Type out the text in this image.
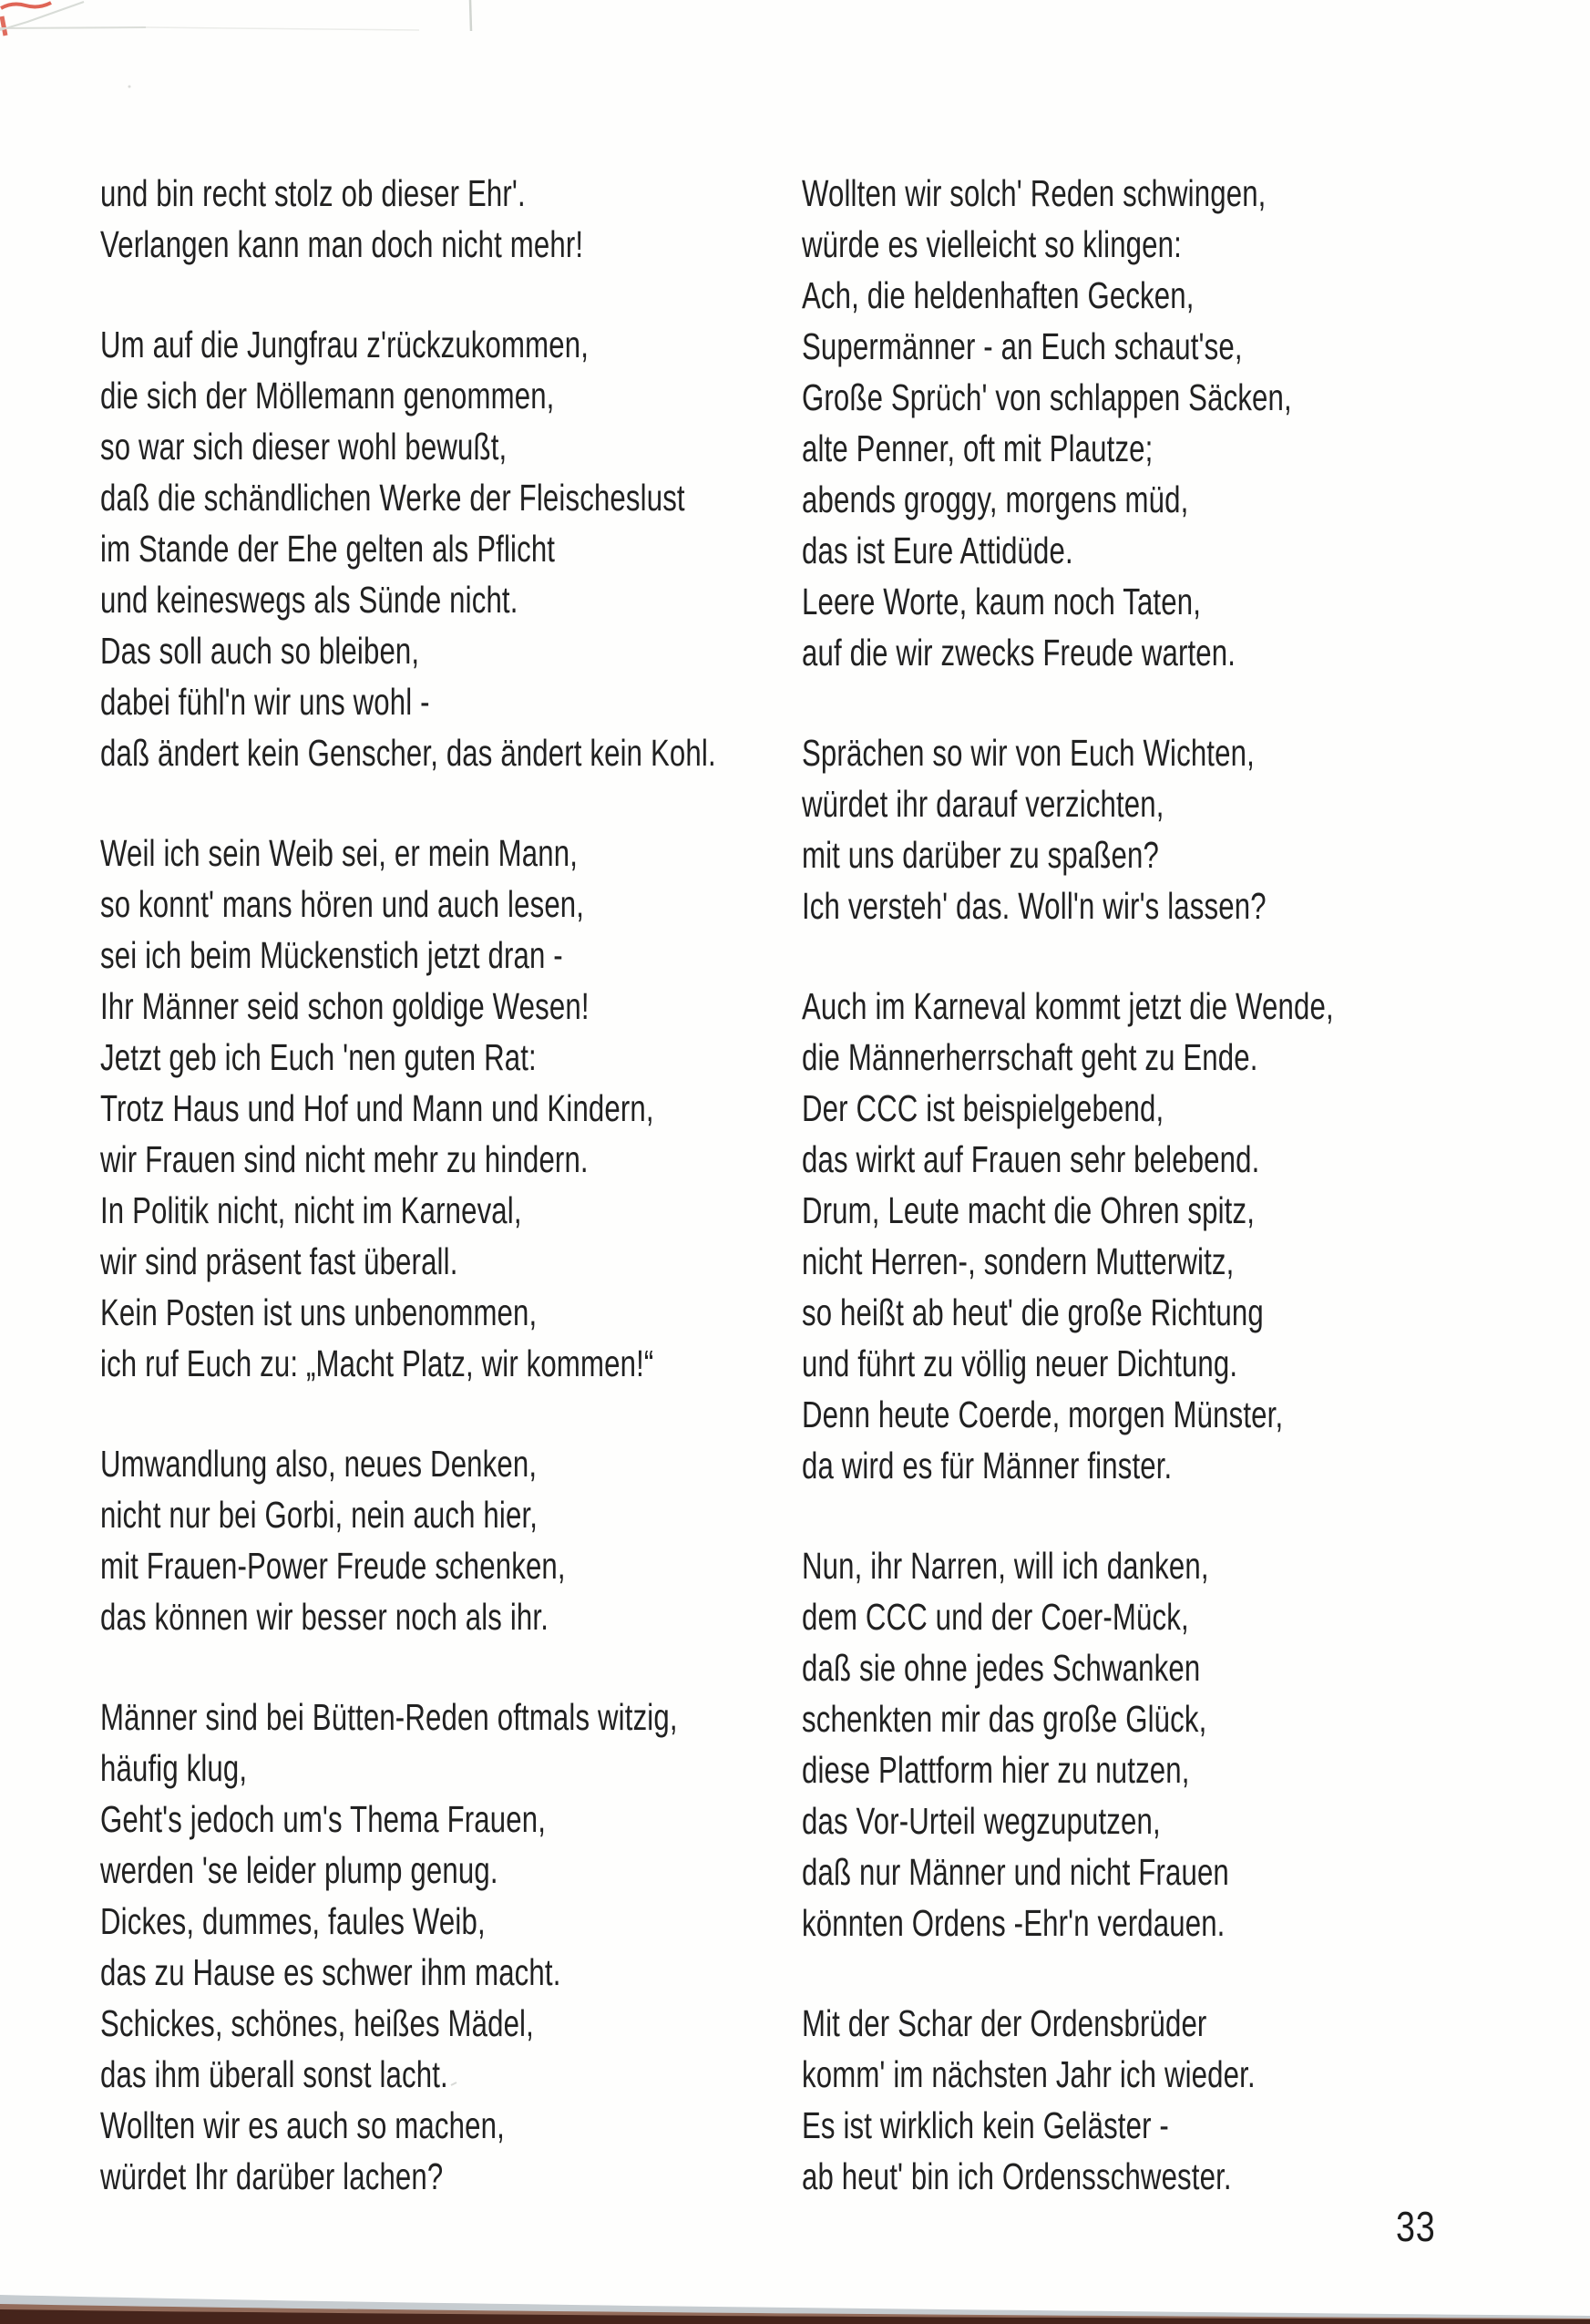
und bin recht stolz ob dieser Ehr'.
Verlangen kann man doch nicht mehr!

Um auf die Jungfrau z'rückzukommen,
die sich der Möllemann genommen,
so war sich dieser wohl bewußt,
daß die schändlichen Werke der Fleischeslust
im Stande der Ehe gelten als Pflicht
und keineswegs als Sünde nicht.
Das soll auch so bleiben,
dabei fühl'n wir uns wohl -
daß ändert kein Genscher, das ändert kein Kohl.

Weil ich sein Weib sei, er mein Mann,
so konnt' mans hören und auch lesen,
sei ich beim Mückenstich jetzt dran -
Ihr Männer seid schon goldige Wesen!
Jetzt geb ich Euch 'nen guten Rat:
Trotz Haus und Hof und Mann und Kindern,
wir Frauen sind nicht mehr zu hindern.
In Politik nicht, nicht im Karneval,
wir sind präsent fast überall.
Kein Posten ist uns unbenommen,
ich ruf Euch zu: „Macht Platz, wir kommen!“

Umwandlung also, neues Denken,
nicht nur bei Gorbi, nein auch hier,
mit Frauen-Power Freude schenken,
das können wir besser noch als ihr.

Männer sind bei Bütten-Reden oftmals witzig,
häufig klug,
Geht's jedoch um's Thema Frauen,
werden 'se leider plump genug.
Dickes, dummes, faules Weib,
das zu Hause es schwer ihm macht.
Schickes, schönes, heißes Mädel,
das ihm überall sonst lacht.
Wollten wir es auch so machen,
würdet Ihr darüber lachen?

Wollten wir solch' Reden schwingen,
würde es vielleicht so klingen:
Ach, die heldenhaften Gecken,
Supermänner - an Euch schaut'se,
Große Sprüch' von schlappen Säcken,
alte Penner, oft mit Plautze;
abends groggy, morgens müd,
das ist Eure Attidüde.
Leere Worte, kaum noch Taten,
auf die wir zwecks Freude warten.

Sprächen so wir von Euch Wichten,
würdet ihr darauf verzichten,
mit uns darüber zu spaßen?
Ich versteh' das. Woll'n wir's lassen?

Auch im Karneval kommt jetzt die Wende,
die Männerherrschaft geht zu Ende.
Der CCC ist beispielgebend,
das wirkt auf Frauen sehr belebend.
Drum, Leute macht die Ohren spitz,
nicht Herren-, sondern Mutterwitz,
so heißt ab heut' die große Richtung
und führt zu völlig neuer Dichtung.
Denn heute Coerde, morgen Münster,
da wird es für Männer finster.

Nun, ihr Narren, will ich danken,
dem CCC und der Coer-Mück,
daß sie ohne jedes Schwanken
schenkten mir das große Glück,
diese Plattform hier zu nutzen,
das Vor-Urteil wegzuputzen,
daß nur Männer und nicht Frauen
könnten Ordens -Ehr'n verdauen.

Mit der Schar der Ordensbrüder
komm' im nächsten Jahr ich wieder.
Es ist wirklich kein Geläster -
ab heut' bin ich Ordensschwester.

33
